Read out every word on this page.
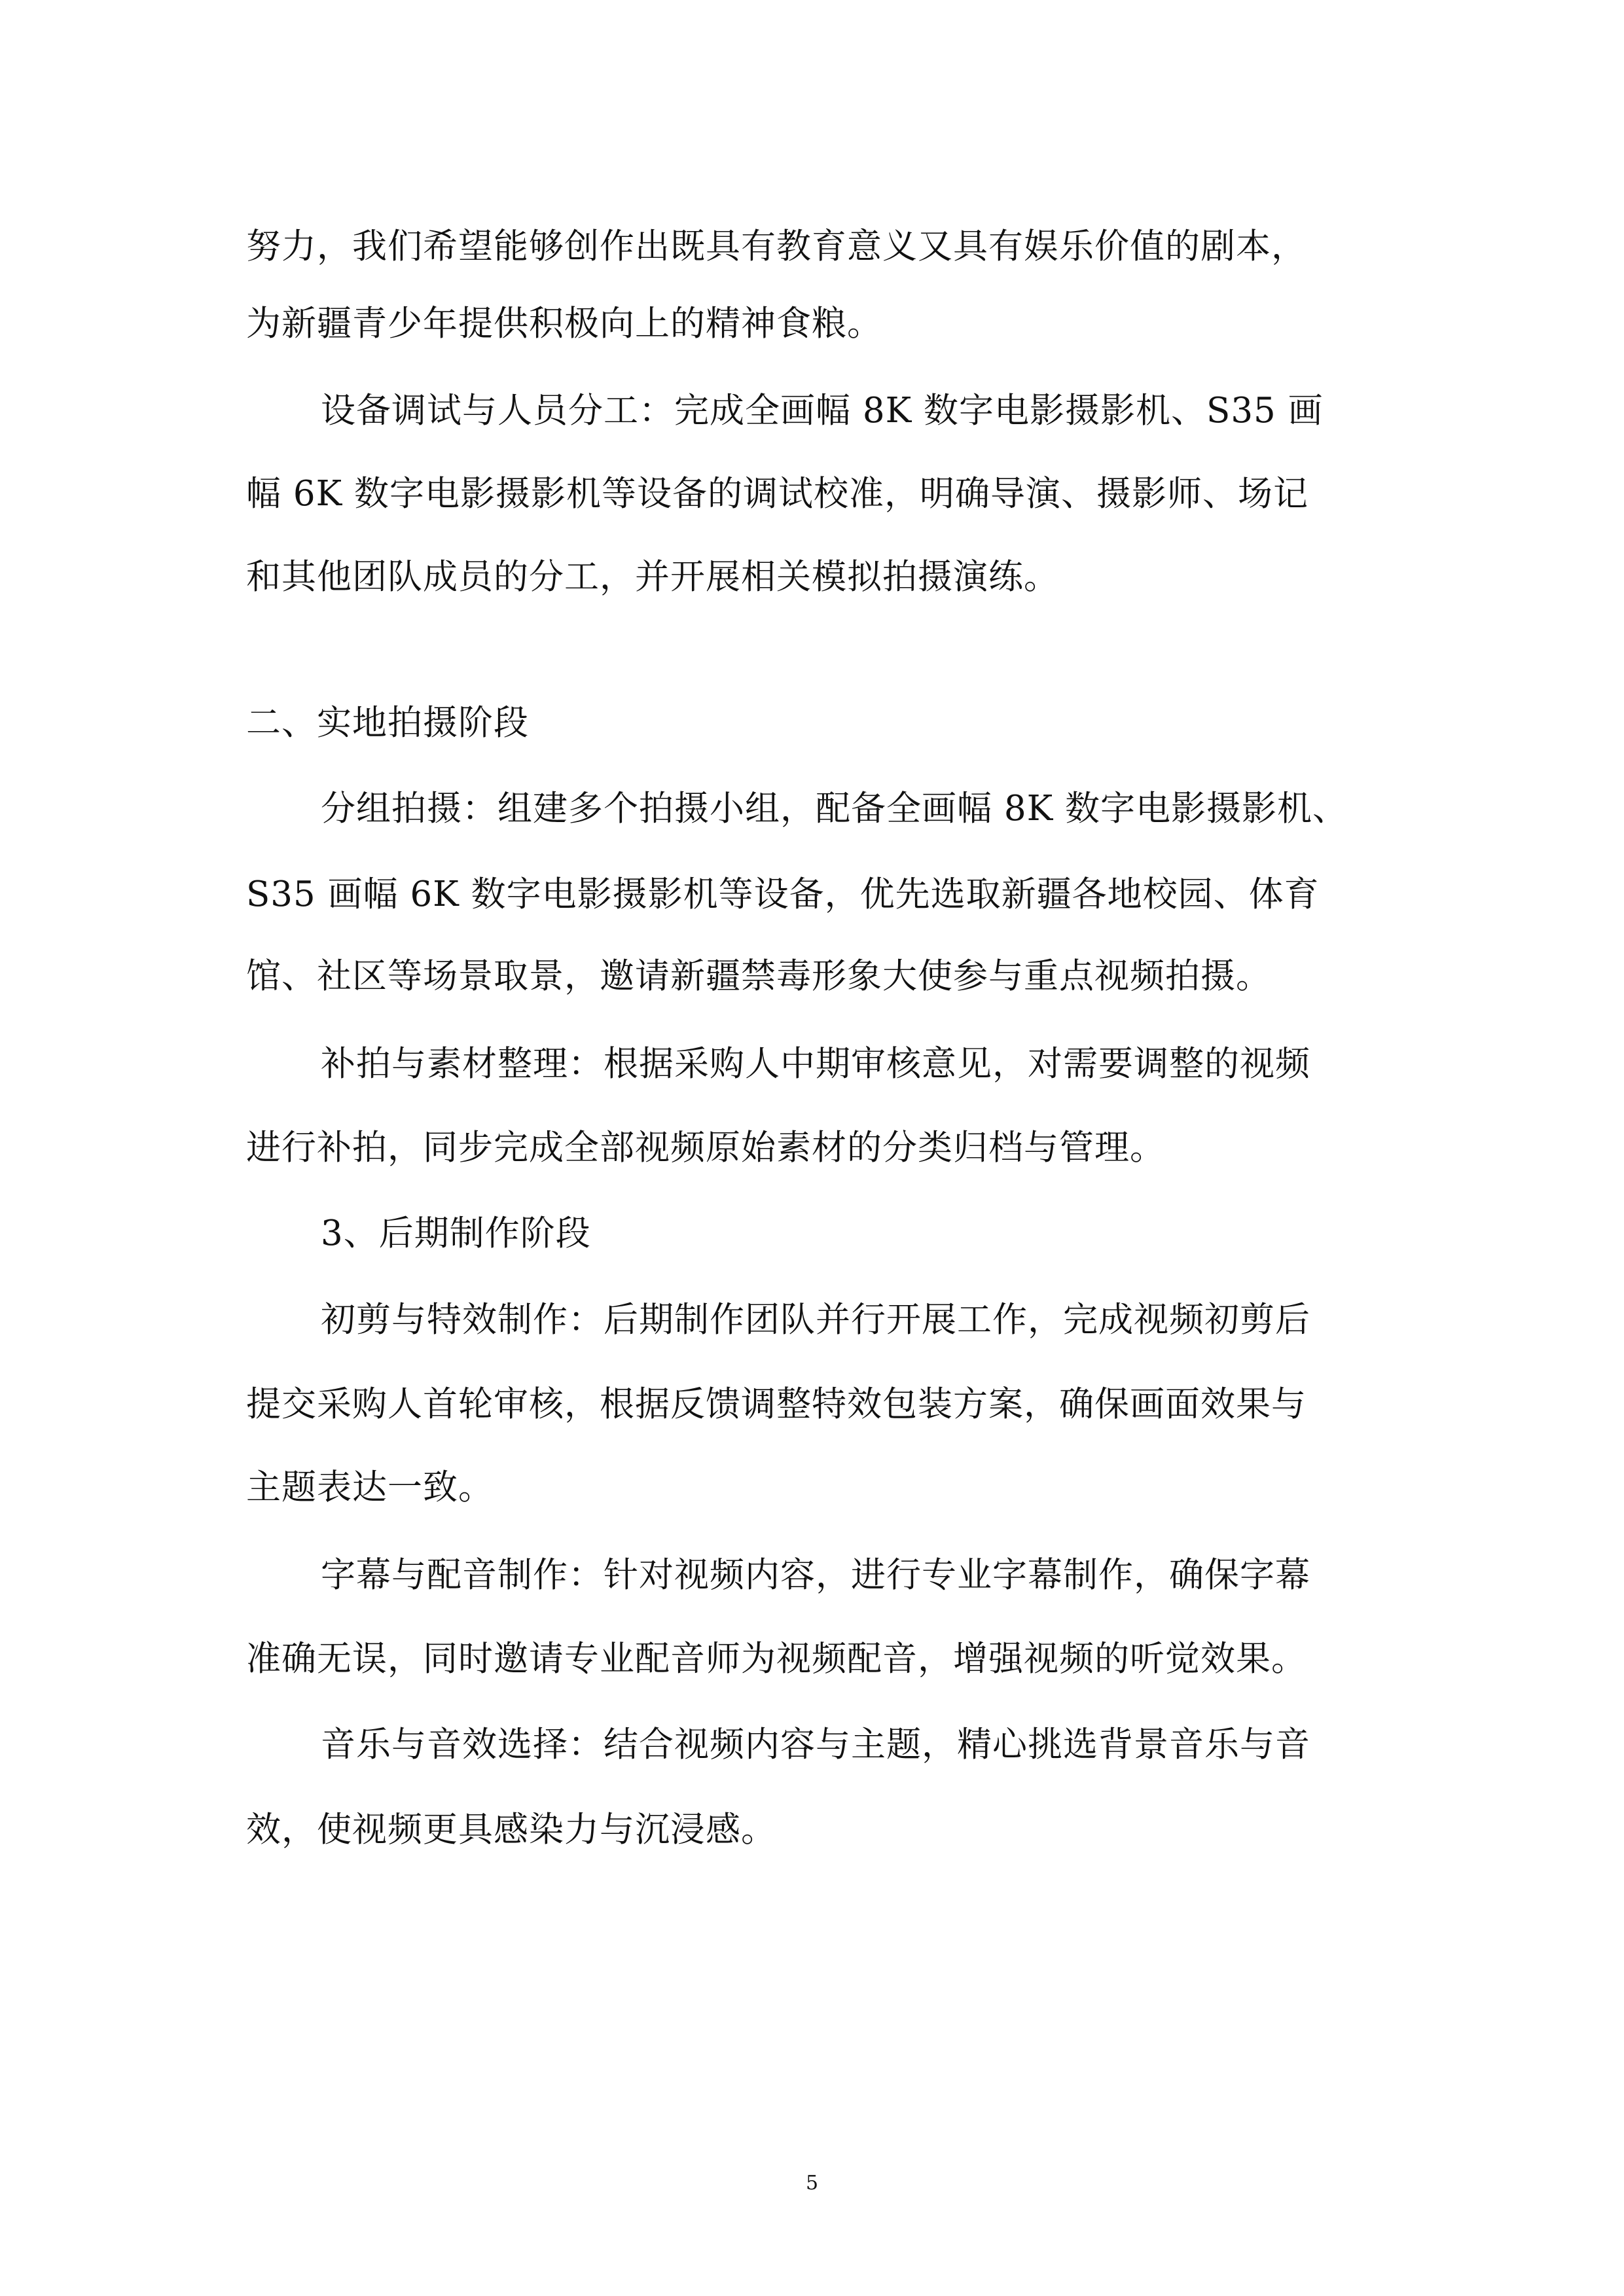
努力，我们希望能够创作出既具有教育意义又具有娱乐价值的剧本，
为新疆青少年提供积极向上的精神食粮。
设备调试与人员分工：完成全画幅 8K 数字电影摄影机、S35 画
幅 6K 数字电影摄影机等设备的调试校准，明确导演、摄影师、场记
和其他团队成员的分工，并开展相关模拟拍摄演练。
二、实地拍摄阶段
分组拍摄：组建多个拍摄小组，配备全画幅 8K 数字电影摄影机、
S35 画幅 6K 数字电影摄影机等设备，优先选取新疆各地校园、体育
馆、社区等场景取景，邀请新疆禁毒形象大使参与重点视频拍摄。
补拍与素材整理：根据采购人中期审核意见，对需要调整的视频
进行补拍，同步完成全部视频原始素材的分类归档与管理。
3、后期制作阶段
初剪与特效制作：后期制作团队并行开展工作，完成视频初剪后
提交采购人首轮审核，根据反馈调整特效包装方案，确保画面效果与
主题表达一致。
字幕与配音制作：针对视频内容，进行专业字幕制作，确保字幕
准确无误，同时邀请专业配音师为视频配音，增强视频的听觉效果。
音乐与音效选择：结合视频内容与主题，精心挑选背景音乐与音
效，使视频更具感染力与沉浸感。
5
